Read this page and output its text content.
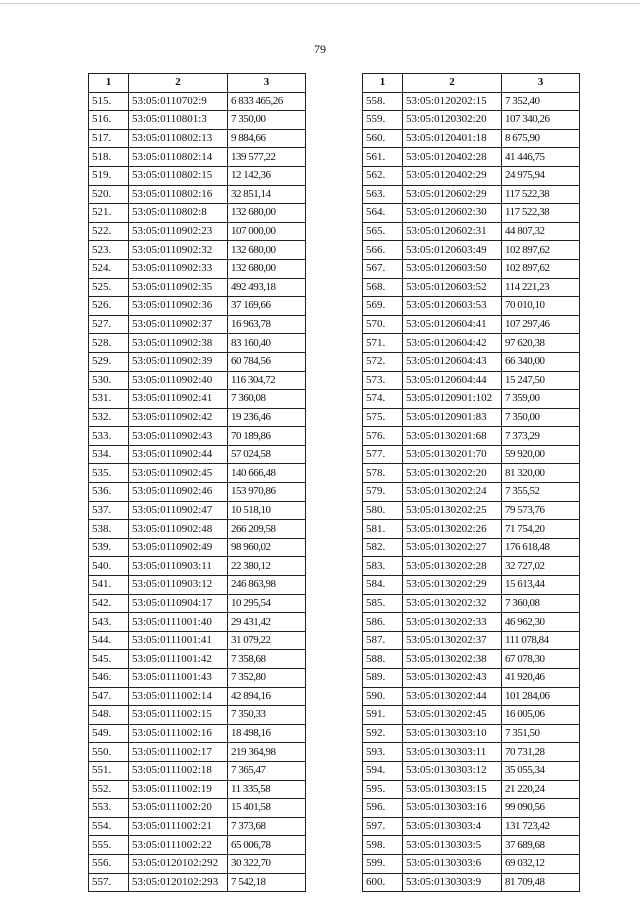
79
1	2	3
515.	53:05:0110702:9	6 833 465,26
516.	53:05:0110801:3	7 350,00
517.	53:05:0110802:13	9 884,66
518.	53:05:0110802:14	139 577,22
519.	53:05:0110802:15	12 142,36
520.	53:05:0110802:16	32 851,14
521.	53:05:0110802:8	132 680,00
522.	53:05:0110902:23	107 000,00
523.	53:05:0110902:32	132 680,00
524.	53:05:0110902:33	132 680,00
525.	53:05:0110902:35	492 493,18
526.	53:05:0110902:36	37 169,66
527.	53:05:0110902:37	16 963,78
528.	53:05:0110902:38	83 160,40
529.	53:05:0110902:39	60 784,56
530.	53:05:0110902:40	116 304,72
531.	53:05:0110902:41	7 360,08
532.	53:05:0110902:42	19 236,46
533.	53:05:0110902:43	70 189,86
534.	53:05:0110902:44	57 024,58
535.	53:05:0110902:45	140 666,48
536.	53:05:0110902:46	153 970,86
537.	53:05:0110902:47	10 518,10
538.	53:05:0110902:48	266 209,58
539.	53:05:0110902:49	98 960,02
540.	53:05:0110903:11	22 380,12
541.	53:05:0110903:12	246 863,98
542.	53:05:0110904:17	10 295,54
543.	53:05:0111001:40	29 431,42
544.	53:05:0111001:41	31 079,22
545.	53:05:0111001:42	7 358,68
546.	53:05:0111001:43	7 352,80
547.	53:05:0111002:14	42 894,16
548.	53:05:0111002:15	7 350,33
549.	53:05:0111002:16	18 498,16
550.	53:05:0111002:17	219 364,98
551.	53:05:0111002:18	7 365,47
552.	53:05:0111002:19	11 335,58
553.	53:05:0111002:20	15 401,58
554.	53:05:0111002:21	7 373,68
555.	53:05:0111002:22	65 006,78
556.	53:05:0120102:292	30 322,70
557.	53:05:0120102:293	7 542,18
1	2	3
558.	53:05:0120202:15	7 352,40
559.	53:05:0120302:20	107 340,26
560.	53:05:0120401:18	8 675,90
561.	53:05:0120402:28	41 446,75
562.	53:05:0120402:29	24 975,94
563.	53:05:0120602:29	117 522,38
564.	53:05:0120602:30	117 522,38
565.	53:05:0120602:31	44 807,32
566.	53:05:0120603:49	102 897,62
567.	53:05:0120603:50	102 897,62
568.	53:05:0120603:52	114 221,23
569.	53:05:0120603:53	70 010,10
570.	53:05:0120604:41	107 297,46
571.	53:05:0120604:42	97 620,38
572.	53:05:0120604:43	66 340,00
573.	53:05:0120604:44	15 247,50
574.	53:05:0120901:102	7 359,00
575.	53:05:0120901:83	7 350,00
576.	53:05:0130201:68	7 373,29
577.	53:05:0130201:70	59 920,00
578.	53:05:0130202:20	81 320,00
579.	53:05:0130202:24	7 355,52
580.	53:05:0130202:25	79 573,76
581.	53:05:0130202:26	71 754,20
582.	53:05:0130202:27	176 618,48
583.	53:05:0130202:28	32 727,02
584.	53:05:0130202:29	15 613,44
585.	53:05:0130202:32	7 360,08
586.	53:05:0130202:33	46 962,30
587.	53:05:0130202:37	111 078,84
588.	53:05:0130202:38	67 078,30
589.	53:05:0130202:43	41 920,46
590.	53:05:0130202:44	101 284,06
591.	53:05:0130202:45	16 005,06
592.	53:05:0130303:10	7 351,50
593.	53:05:0130303:11	70 731,28
594.	53:05:0130303:12	35 055,34
595.	53:05:0130303:15	21 220,24
596.	53:05:0130303:16	99 090,56
597.	53:05:0130303:4	131 723,42
598.	53:05:0130303:5	37 689,68
599.	53:05:0130303:6	69 032,12
600.	53:05:0130303:9	81 709,48
